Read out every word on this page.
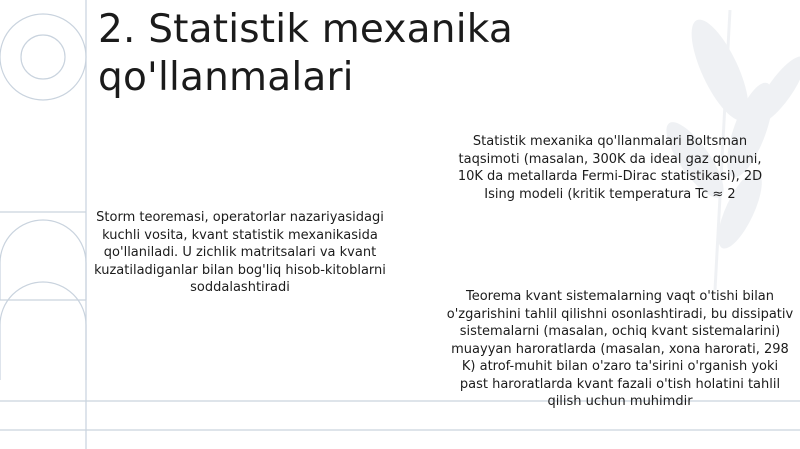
2. Statistik mexanika qo'llanmalari

Statistik mexanika qo'llanmalari Boltsman taqsimoti (masalan, 300K da ideal gaz qonuni, 10K da metallarda Fermi-Dirac statistikasi), 2D Ising modeli (kritik temperatura Tc ≈ 2

Storm teoremasi, operatorlar nazariyasidagi kuchli vosita, kvant statistik mexanikasida qo'llaniladi. U zichlik matritsalari va kvant kuzatiladiganlar bilan bog'liq hisob-kitoblarni soddalashtiradi

Teorema kvant sistemalarning vaqt o'tishi bilan o'zgarishini tahlil qilishni osonlashtiradi, bu dissipativ sistemalarni (masalan, ochiq kvant sistemalarini) muayyan haroratlarda (masalan, xona harorati, 298 K) atrof-muhit bilan o'zaro ta'sirini o'rganish yoki past haroratlarda kvant fazali o'tish holatini tahlil qilish uchun muhimdir
